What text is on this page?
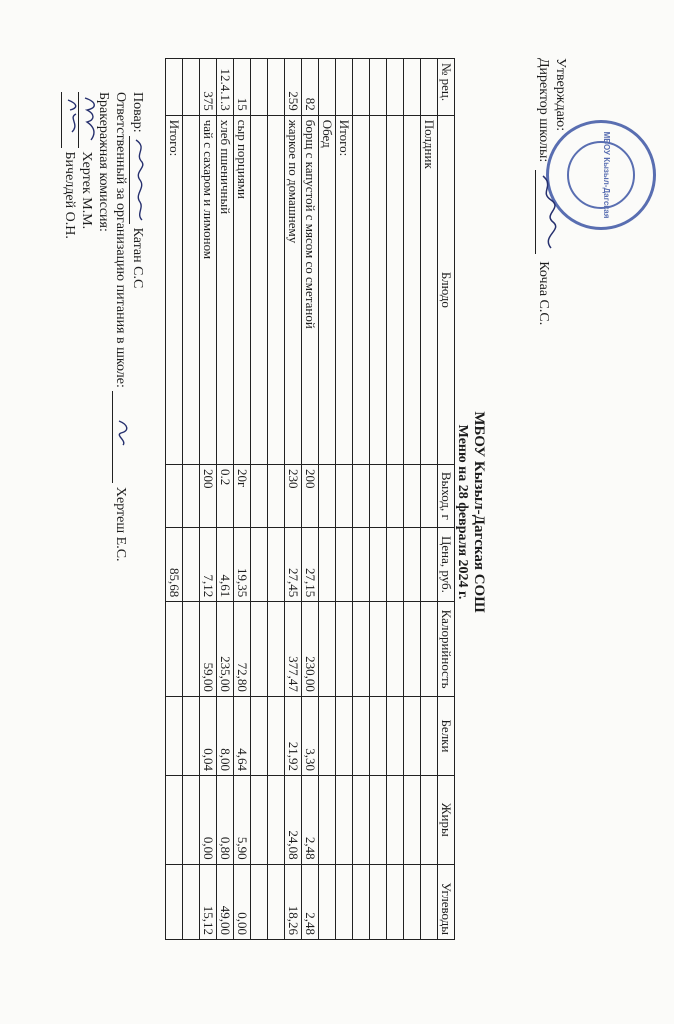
МБОУ Кызыл-Дагская
Утверждаю:
Директор школы:
Кочаа С.С.
МБОУ Кызыл-Дагская СОШ
Меню на 28 февраля 2024 г.
№ рец.	Блюдо	Выход, г	Цена, руб.	Калорийность	Белки	Жиры	Углеводы
	Полдник						

	Итого:						
	Обед						
82	борщ с капустой с мясом со сметаной	200	27,15	230,00	3,30	2,48	2,48
259	жаркое по домашнему	230	27,45	377,47	21,92	24,08	18,26

15	сыр порциями	20г	19,35	72,80	4,64	5,90	0,00
12.4.1.3	хлеб пшеничный	0.2	4,61	235,00	8,00	0,80	49,00
375	чай с сахаром и лимоном	200	7,12	59,00	0,04	0,00	15,12

	Итого:		85,68				
Повар:
Катан С.С
Ответственный за организацию питания в школе:
Хертеш Е.С.
Бракеражная комиссия:
Хертек М.М.
Бичелдей О.Н.
